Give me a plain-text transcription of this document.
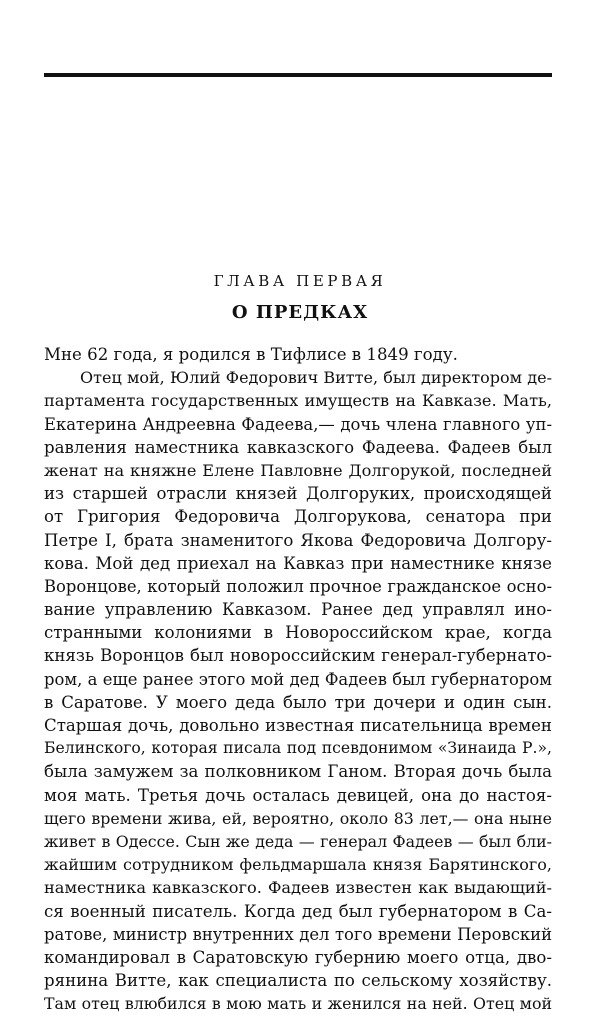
ГЛАВА ПЕРВАЯ
О ПРЕДКАХ
Мне 62 года, я родился в Тифлисе в 1849 году.
Отец мой, Юлий Федорович Витте, был директором де-
партамента государственных имуществ на Кавказе. Мать,
Екатерина Андреевна Фадеева,— дочь члена главного уп-
равления наместника кавказского Фадеева. Фадеев был
женат на княжне Елене Павловне Долгорукой, последней
из старшей отрасли князей Долгоруких, происходящей
от Григория Федоровича Долгорукова, сенатора при
Петре I, брата знаменитого Якова Федоровича Долгору-
кова. Мой дед приехал на Кавказ при наместнике князе
Воронцове, который положил прочное гражданское осно-
вание управлению Кавказом. Ранее дед управлял ино-
странными колониями в Новороссийском крае, когда
князь Воронцов был новороссийским генерал-губернато-
ром, а еще ранее этого мой дед Фадеев был губернатором
в Саратове. У моего деда было три дочери и один сын.
Старшая дочь, довольно известная писательница времен
Белинского, которая писала под псевдонимом «Зинаида Р.»,
была замужем за полковником Ганом. Вторая дочь была
моя мать. Третья дочь осталась девицей, она до настоя-
щего времени жива, ей, вероятно, около 83 лет,— она ныне
живет в Одессе. Сын же деда — генерал Фадеев — был бли-
жайшим сотрудником фельдмаршала князя Барятинского,
наместника кавказского. Фадеев известен как выдающий-
ся военный писатель. Когда дед был губернатором в Са-
ратове, министр внутренних дел того времени Перовский
командировал в Саратовскую губернию моего отца, дво-
рянина Витте, как специалиста по сельскому хозяйству.
Там отец влюбился в мою мать и женился на ней. Отец мой
